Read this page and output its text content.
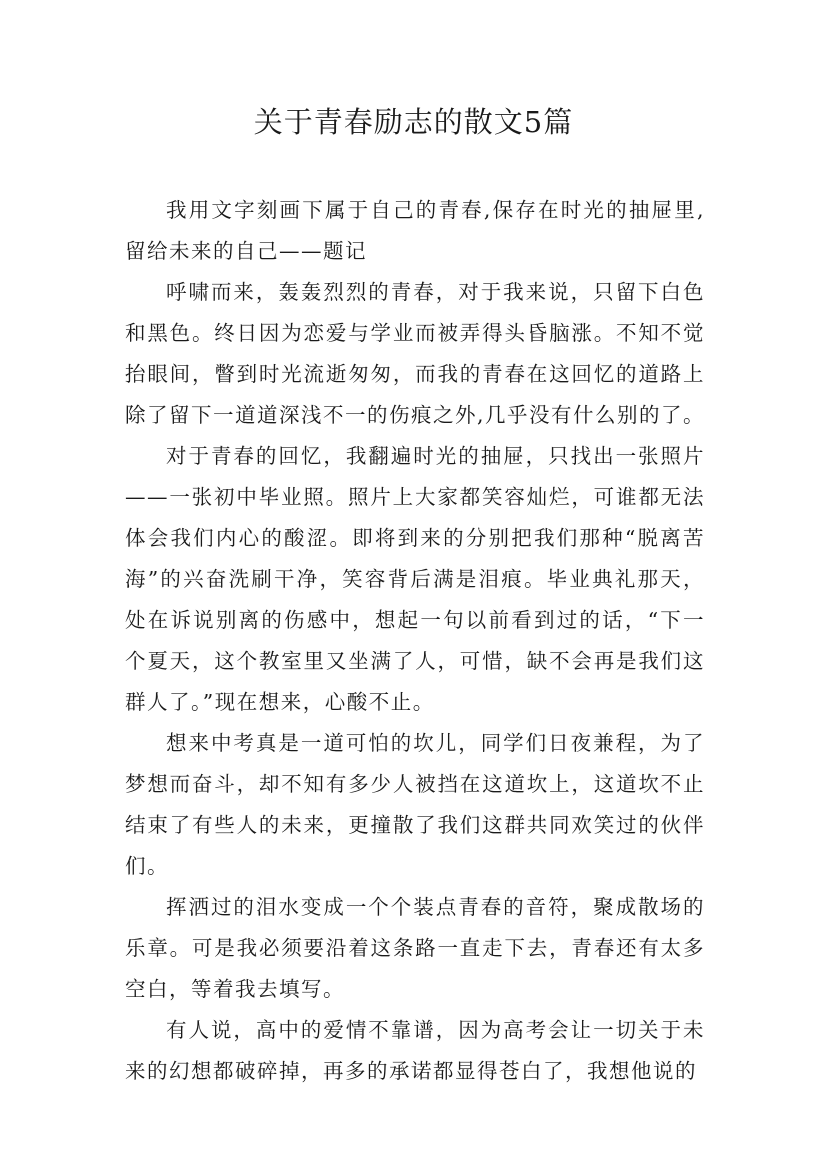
关于青春励志的散文5篇

我用文字刻画下属于自己的青春,保存在时光的抽屉里,留给未来的自己——题记

呼啸而来，轰轰烈烈的青春，对于我来说，只留下白色和黑色。终日因为恋爱与学业而被弄得头昏脑涨。不知不觉抬眼间，瞥到时光流逝匆匆，而我的青春在这回忆的道路上除了留下一道道深浅不一的伤痕之外,几乎没有什么别的了。

对于青春的回忆，我翻遍时光的抽屉，只找出一张照片——一张初中毕业照。照片上大家都笑容灿烂，可谁都无法体会我们内心的酸涩。即将到来的分别把我们那种“脱离苦海”的兴奋洗刷干净，笑容背后满是泪痕。毕业典礼那天，处在诉说别离的伤感中，想起一句以前看到过的话，“下一个夏天，这个教室里又坐满了人，可惜，缺不会再是我们这群人了。”现在想来，心酸不止。

想来中考真是一道可怕的坎儿，同学们日夜兼程，为了梦想而奋斗，却不知有多少人被挡在这道坎上，这道坎不止结束了有些人的未来，更撞散了我们这群共同欢笑过的伙伴们。

挥洒过的泪水变成一个个装点青春的音符，聚成散场的乐章。可是我必须要沿着这条路一直走下去，青春还有太多空白，等着我去填写。

有人说，高中的爱情不靠谱，因为高考会让一切关于未来的幻想都破碎掉，再多的承诺都显得苍白了，我想他说的
